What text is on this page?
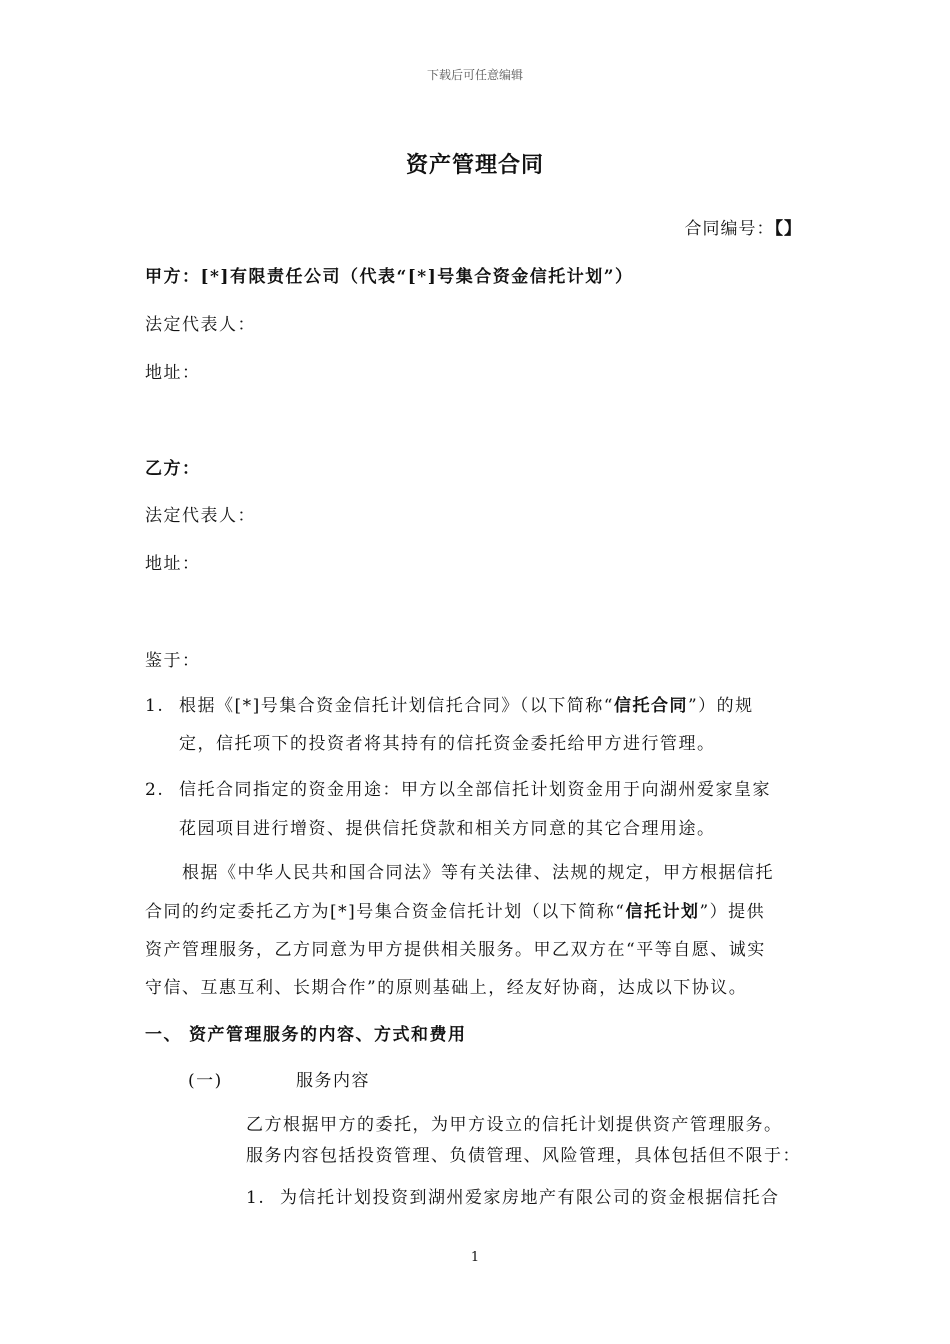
下载后可任意编辑
资产管理合同
合同编号：【】
甲方：[*]有限责任公司（代表“[*]号集合资金信托计划”）
法定代表人：
地址：
乙方：
法定代表人：
地址：
鉴于：
1. 根据《[*]号集合资金信托计划信托合同》（以下简称“信托合同”）的规
定，信托项下的投资者将其持有的信托资金委托给甲方进行管理。
2. 信托合同指定的资金用途：甲方以全部信托计划资金用于向湖州爱家皇家
花园项目进行增资、提供信托贷款和相关方同意的其它合理用途。
根据《中华人民共和国合同法》等有关法律、法规的规定，甲方根据信托
合同的约定委托乙方为[*]号集合资金信托计划（以下简称“信托计划”）提供
资产管理服务，乙方同意为甲方提供相关服务。甲乙双方在“平等自愿、诚实
守信、互惠互利、长期合作”的原则基础上，经友好协商，达成以下协议。
一、 资产管理服务的内容、方式和费用
(一)	服务内容
乙方根据甲方的委托，为甲方设立的信托计划提供资产管理服务。
服务内容包括投资管理、负债管理、风险管理，具体包括但不限于：
1. 为信托计划投资到湖州爱家房地产有限公司的资金根据信托合
1
